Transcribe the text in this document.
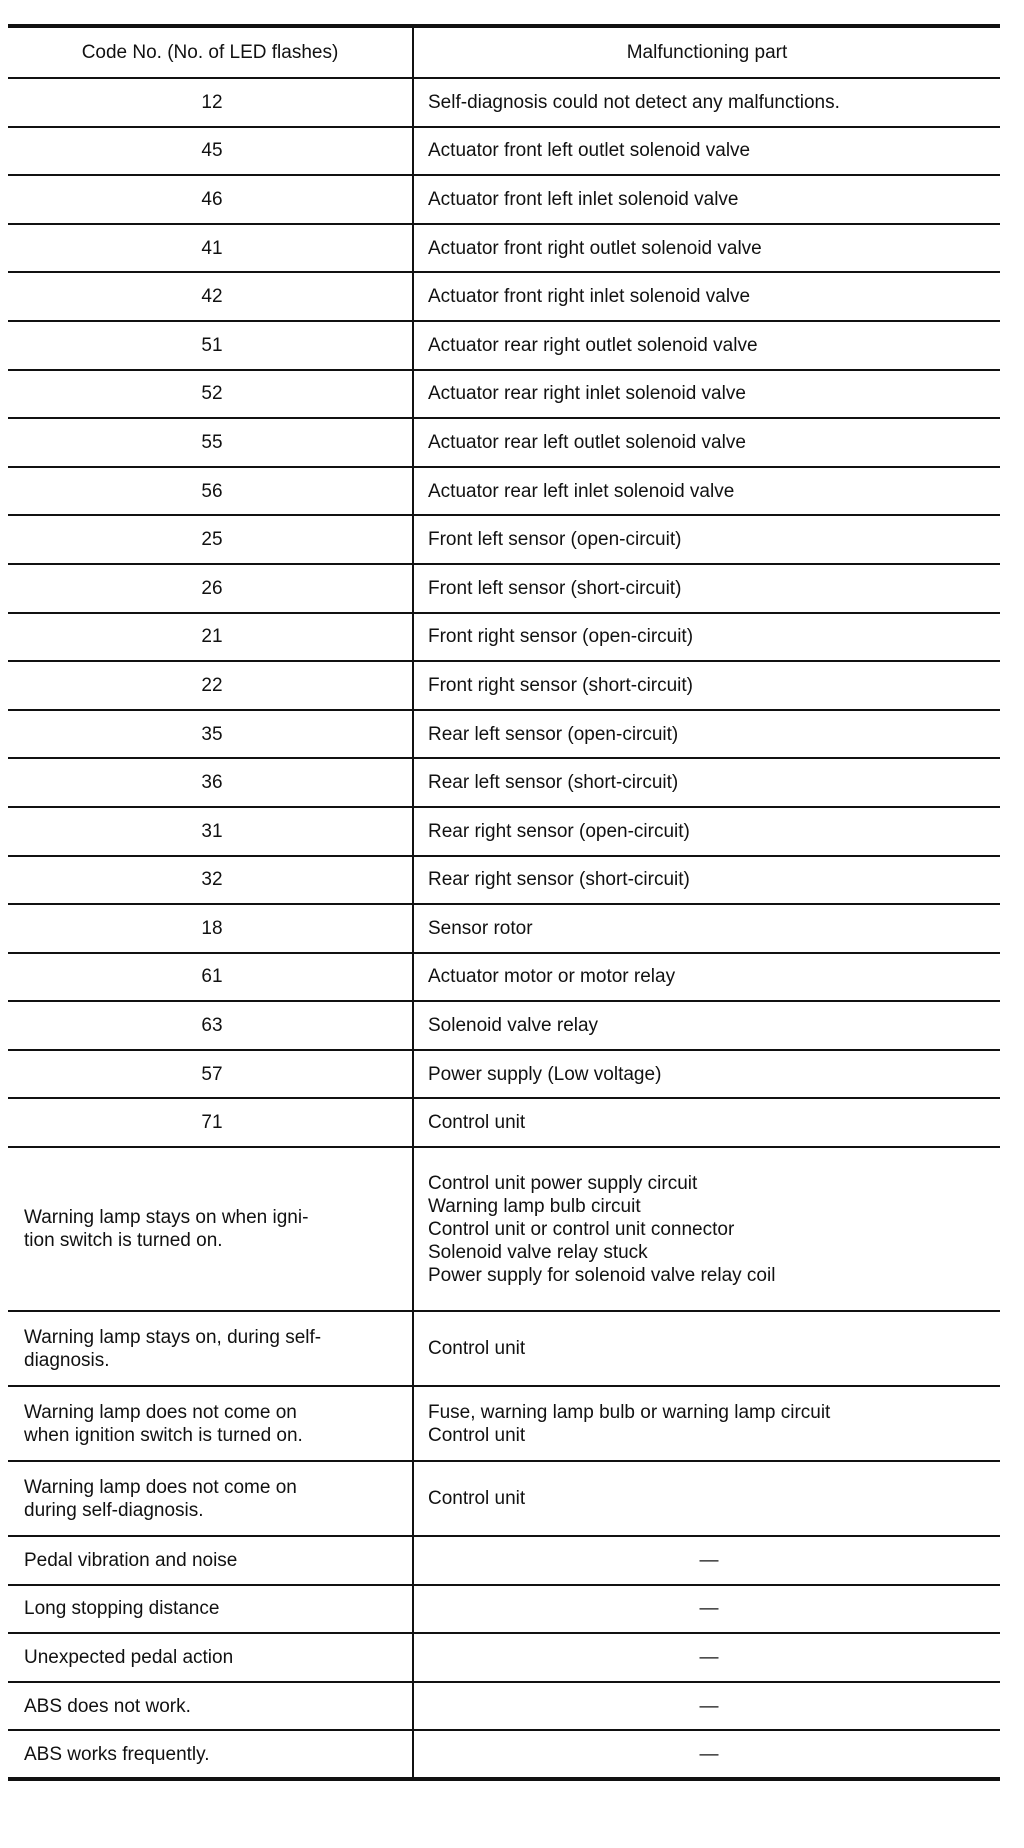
Code No. (No. of LED flashes)	Malfunctioning part
12	Self-diagnosis could not detect any malfunctions.
45	Actuator front left outlet solenoid valve
46	Actuator front left inlet solenoid valve
41	Actuator front right outlet solenoid valve
42	Actuator front right inlet solenoid valve
51	Actuator rear right outlet solenoid valve
52	Actuator rear right inlet solenoid valve
55	Actuator rear left outlet solenoid valve
56	Actuator rear left inlet solenoid valve
25	Front left sensor (open-circuit)
26	Front left sensor (short-circuit)
21	Front right sensor (open-circuit)
22	Front right sensor (short-circuit)
35	Rear left sensor (open-circuit)
36	Rear left sensor (short-circuit)
31	Rear right sensor (open-circuit)
32	Rear right sensor (short-circuit)
18	Sensor rotor
61	Actuator motor or motor relay
63	Solenoid valve relay
57	Power supply (Low voltage)
71	Control unit
Warning lamp stays on when igni-
tion switch is turned on.	Control unit power supply circuit
Warning lamp bulb circuit
Control unit or control unit connector
Solenoid valve relay stuck
Power supply for solenoid valve relay coil

Warning lamp stays on, during self-
diagnosis.	Control unit

Warning lamp does not come on
when ignition switch is turned on.	Fuse, warning lamp bulb or warning lamp circuit
Control unit

Warning lamp does not come on
during self-diagnosis.	Control unit

Pedal vibration and noise	—
Long stopping distance	—
Unexpected pedal action	—
ABS does not work.	—
ABS works frequently.	—
